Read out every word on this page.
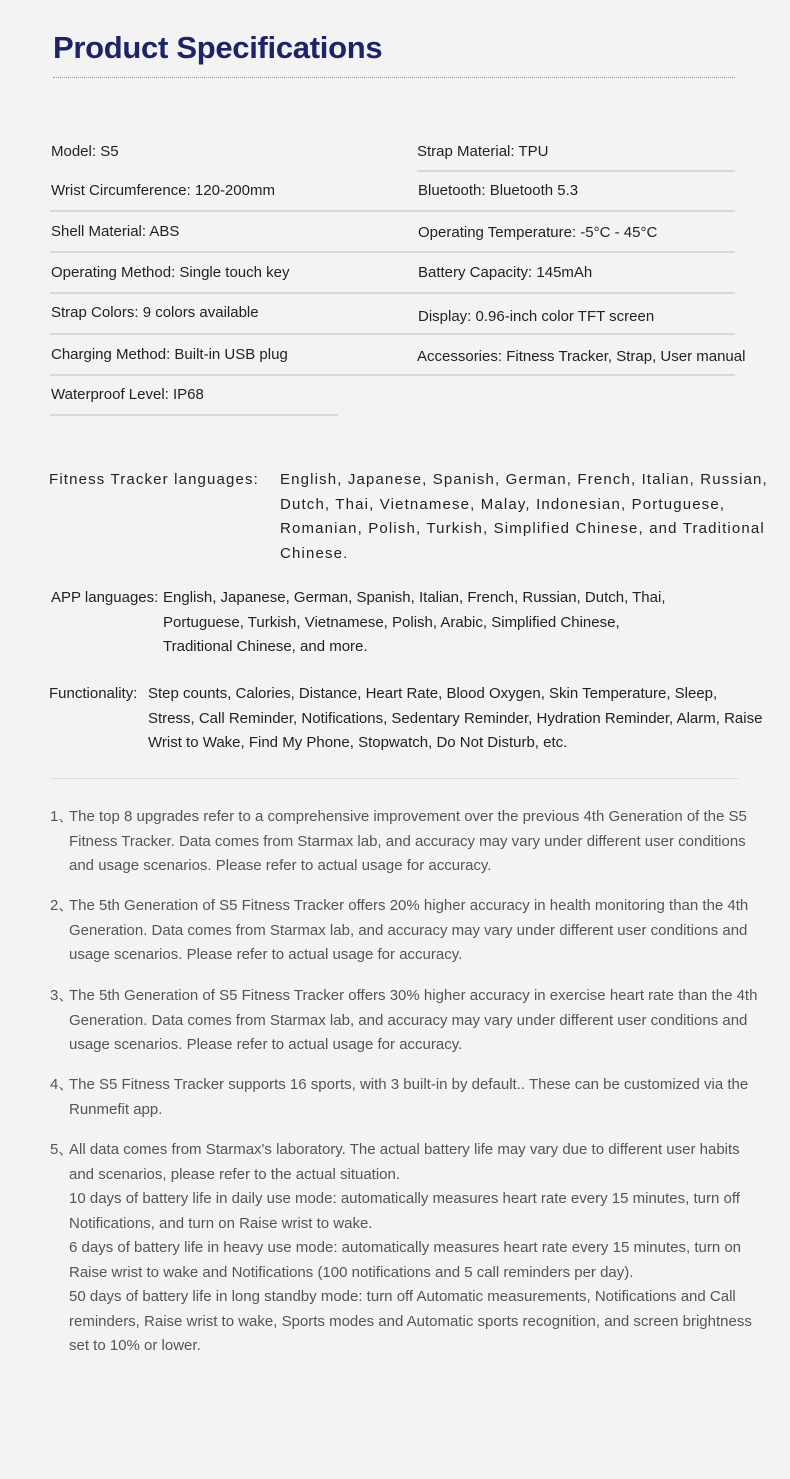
Product Specifications
Model: S5
Wrist Circumference: 120-200mm
Shell Material: ABS
Operating Method: Single touch key
Strap Colors: 9 colors available
Charging Method: Built-in USB plug
Waterproof Level: IP68
Strap Material: TPU
Bluetooth: Bluetooth 5.3
Operating Temperature: -5°C - 45°C
Battery Capacity: 145mAh
Display: 0.96-inch color TFT screen
Accessories: Fitness Tracker, Strap, User manual
Fitness Tracker languages: English, Japanese, Spanish, German, French, Italian, Russian, Dutch, Thai, Vietnamese, Malay, Indonesian, Portuguese, Romanian, Polish, Turkish, Simplified Chinese, and Traditional Chinese.
APP languages: English, Japanese, German, Spanish, Italian, French, Russian, Dutch, Thai, Portuguese, Turkish, Vietnamese, Polish, Arabic, Simplified Chinese, Traditional Chinese, and more.
Functionality: Step counts, Calories, Distance, Heart Rate, Blood Oxygen, Skin Temperature, Sleep, Stress, Call Reminder, Notifications, Sedentary Reminder, Hydration Reminder, Alarm, Raise Wrist to Wake, Find My Phone, Stopwatch, Do Not Disturb, etc.
1、
The top 8 upgrades refer to a comprehensive improvement over the previous 4th Generation of the S5 Fitness Tracker. Data comes from Starmax lab, and accuracy may vary under different user conditions and usage scenarios. Please refer to actual usage for accuracy.
2、
The 5th Generation of S5 Fitness Tracker offers 20% higher accuracy in health monitoring than the 4th Generation. Data comes from Starmax lab, and accuracy may vary under different user conditions and usage scenarios. Please refer to actual usage for accuracy.
3、
The 5th Generation of S5 Fitness Tracker offers 30% higher accuracy in exercise heart rate than the 4th Generation. Data comes from Starmax lab, and accuracy may vary under different user conditions and usage scenarios. Please refer to actual usage for accuracy.
4、
The S5 Fitness Tracker supports 16 sports, with 3 built-in by default.. These can be customized via the Runmefit app.
5、
All data comes from Starmax's laboratory. The actual battery life may vary due to different user habits and scenarios, please refer to the actual situation.
10 days of battery life in daily use mode: automatically measures heart rate every 15 minutes, turn off Notifications, and turn on Raise wrist to wake.
6 days of battery life in heavy use mode: automatically measures heart rate every 15 minutes, turn on Raise wrist to wake and Notifications (100 notifications and 5 call reminders per day).
50 days of battery life in long standby mode: turn off Automatic measurements, Notifications and Call reminders, Raise wrist to wake, Sports modes and Automatic sports recognition, and screen brightness set to 10% or lower.
